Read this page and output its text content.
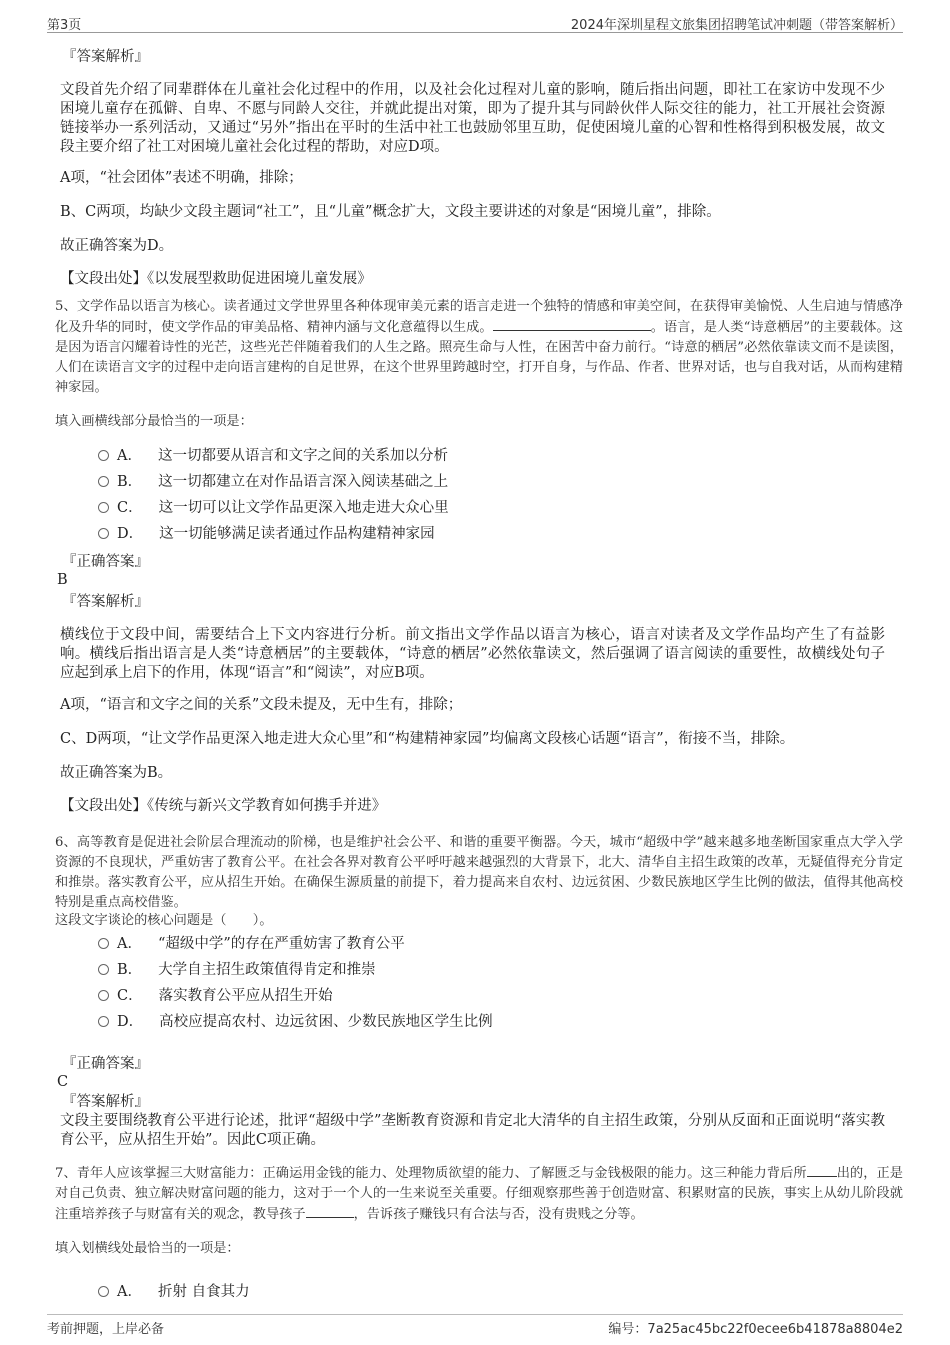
第3页	2024年深圳星程文旅集团招聘笔试冲刺题（带答案解析）
『答案解析』
文段首先介绍了同辈群体在儿童社会化过程中的作用，以及社会化过程对儿童的影响，随后指出问题，即社工在家访中发现不少困境儿童存在孤僻、自卑、不愿与同龄人交往，并就此提出对策，即为了提升其与同龄伙伴人际交往的能力，社工开展社会资源链接举办一系列活动，又通过“另外”指出在平时的生活中社工也鼓励邻里互助，促使困境儿童的心智和性格得到积极发展，故文段主要介绍了社工对困境儿童社会化过程的帮助，对应D项。
A项，“社会团体”表述不明确，排除；
B、C两项，均缺少文段主题词“社工”，且“儿童”概念扩大，文段主要讲述的对象是“困境儿童”，排除。
故正确答案为D。
【文段出处】《以发展型救助促进困境儿童发展》
5、文学作品以语言为核心。读者通过文学世界里各种体现审美元素的语言走进一个独特的情感和审美空间，在获得审美愉悦、人生启迪与情感净化及升华的同时，使文学作品的审美品格、精神内涵与文化意蕴得以生成。	。语言，是人类“诗意栖居”的主要载体。这是因为语言闪耀着诗性的光芒，这些光芒伴随着我们的人生之路。照亮生命与人性，在困苦中奋力前行。“诗意的栖居”必然依靠读文而不是读图，人们在读语言文字的过程中走向语言建构的自足世界，在这个世界里跨越时空，打开自身，与作品、作者、世界对话，也与自我对话，从而构建精神家园。
填入画横线部分最恰当的一项是：
A． 这一切都要从语言和文字之间的关系加以分析
B． 这一切都建立在对作品语言深入阅读基础之上
C． 这一切可以让文学作品更深入地走进大众心里
D． 这一切能够满足读者通过作品构建精神家园
『正确答案』
B
『答案解析』
横线位于文段中间，需要结合上下文内容进行分析。前文指出文学作品以语言为核心，语言对读者及文学作品均产生了有益影响。横线后指出语言是人类“诗意栖居”的主要载体，“诗意的栖居”必然依靠读文，然后强调了语言阅读的重要性，故横线处句子应起到承上启下的作用，体现“语言”和“阅读”，对应B项。
A项，“语言和文字之间的关系”文段未提及，无中生有，排除；
C、D两项，“让文学作品更深入地走进大众心里”和“构建精神家园”均偏离文段核心话题“语言”，衔接不当，排除。
故正确答案为B。
【文段出处】《传统与新兴文学教育如何携手并进》
6、高等教育是促进社会阶层合理流动的阶梯，也是维护社会公平、和谐的重要平衡器。今天，城市“超级中学”越来越多地垄断国家重点大学入学资源的不良现状，严重妨害了教育公平。在社会各界对教育公平呼吁越来越强烈的大背景下，北大、清华自主招生政策的改革，无疑值得充分肯定和推崇。落实教育公平，应从招生开始。在确保生源质量的前提下，着力提高来自农村、边远贫困、少数民族地区学生比例的做法，值得其他高校特别是重点高校借鉴。
这段文字谈论的核心问题是（　　）。
A． “超级中学”的存在严重妨害了教育公平
B． 大学自主招生政策值得肯定和推崇
C． 落实教育公平应从招生开始
D． 高校应提高农村、边远贫困、少数民族地区学生比例
『正确答案』
C
『答案解析』
文段主要围绕教育公平进行论述，批评“超级中学”垄断教育资源和肯定北大清华的自主招生政策，分别从反面和正面说明“落实教育公平，应从招生开始”。因此C项正确。
7、青年人应该掌握三大财富能力：正确运用金钱的能力、处理物质欲望的能力、了解匮乏与金钱极限的能力。这三种能力背后所 出的，正是对自己负责、独立解决财富问题的能力，这对于一个人的一生来说至关重要。仔细观察那些善于创造财富、积累财富的民族，事实上从幼儿阶段就注重培养孩子与财富有关的观念，教导孩子	，告诉孩子赚钱只有合法与否，没有贵贱之分等。
填入划横线处最恰当的一项是：
A． 折射 自食其力
考前押题，上岸必备	编号：7a25ac45bc22f0ecee6b41878a8804e2
